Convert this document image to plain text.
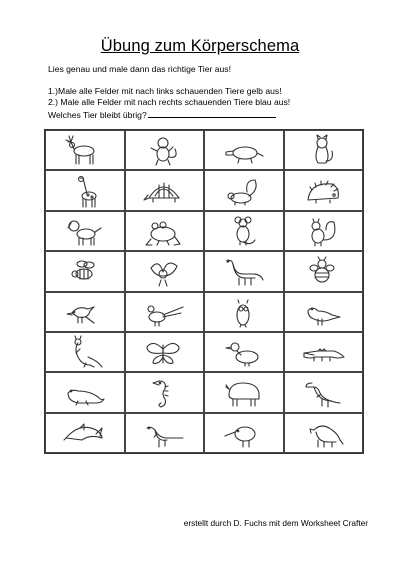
Übung zum Körperschema
Lies genau und male dann das richtige Tier aus!
1.)Male alle Felder mit nach links schauenden Tiere gelb aus!
2.) Male alle Felder mit nach rechts schauenden Tiere blau aus!
Welches Tier bleibt übrig?
erstellt durch D. Fuchs mit dem Worksheet Crafter
